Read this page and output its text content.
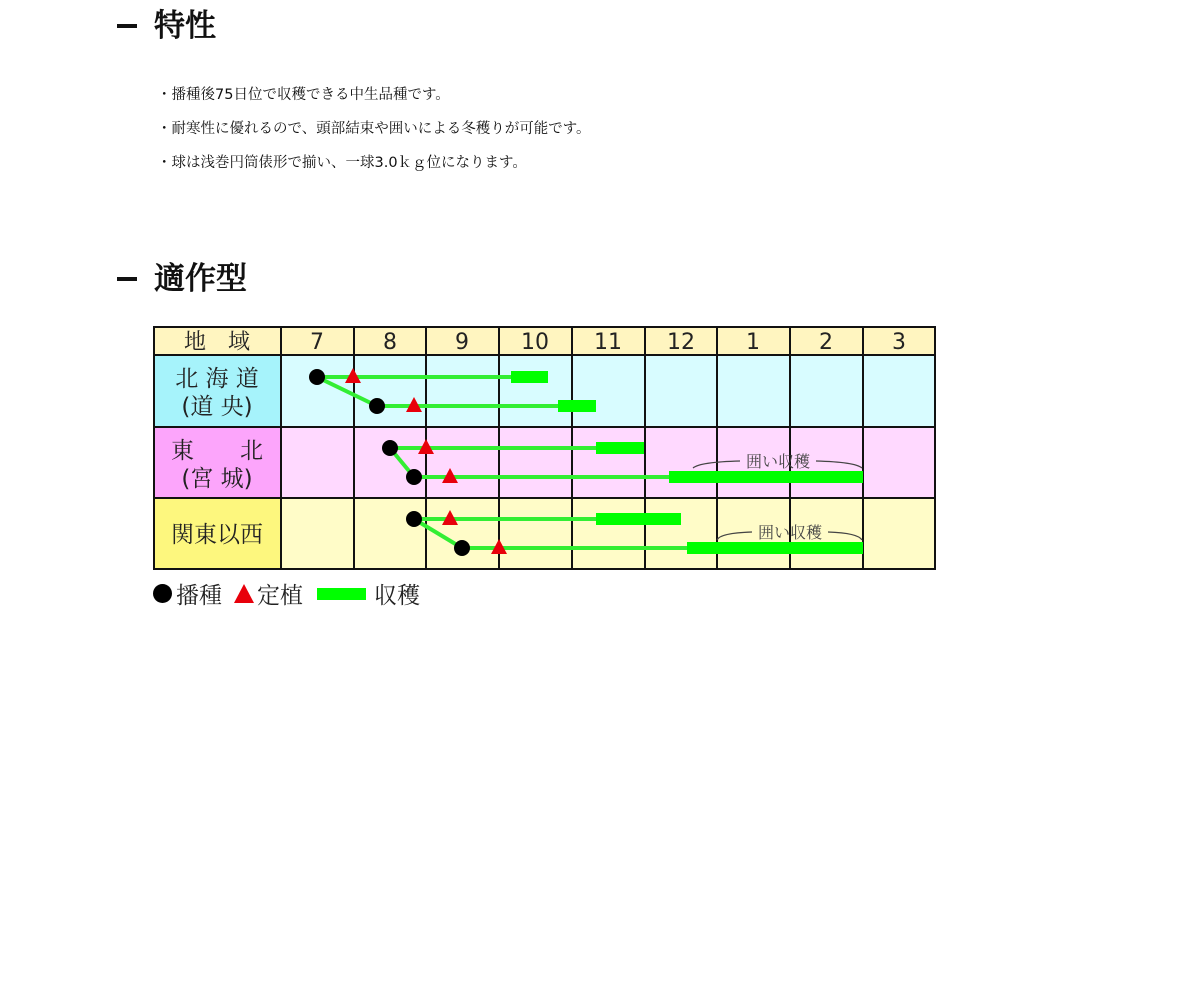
特性
・播種後75日位で収穫できる中生品種です。
・耐寒性に優れるので、頭部結束や囲いによる冬穫りが可能です。
・球は浅巻円筒俵形で揃い、一球3.0ｋｇ位になります。
適作型
地　域	7	8	9 10 11 12 1	2	3
北 海 道
(道 央)
東　　北
(宮 城)
関東以西
囲い収穫
囲い収穫
播種 定植	収穫
